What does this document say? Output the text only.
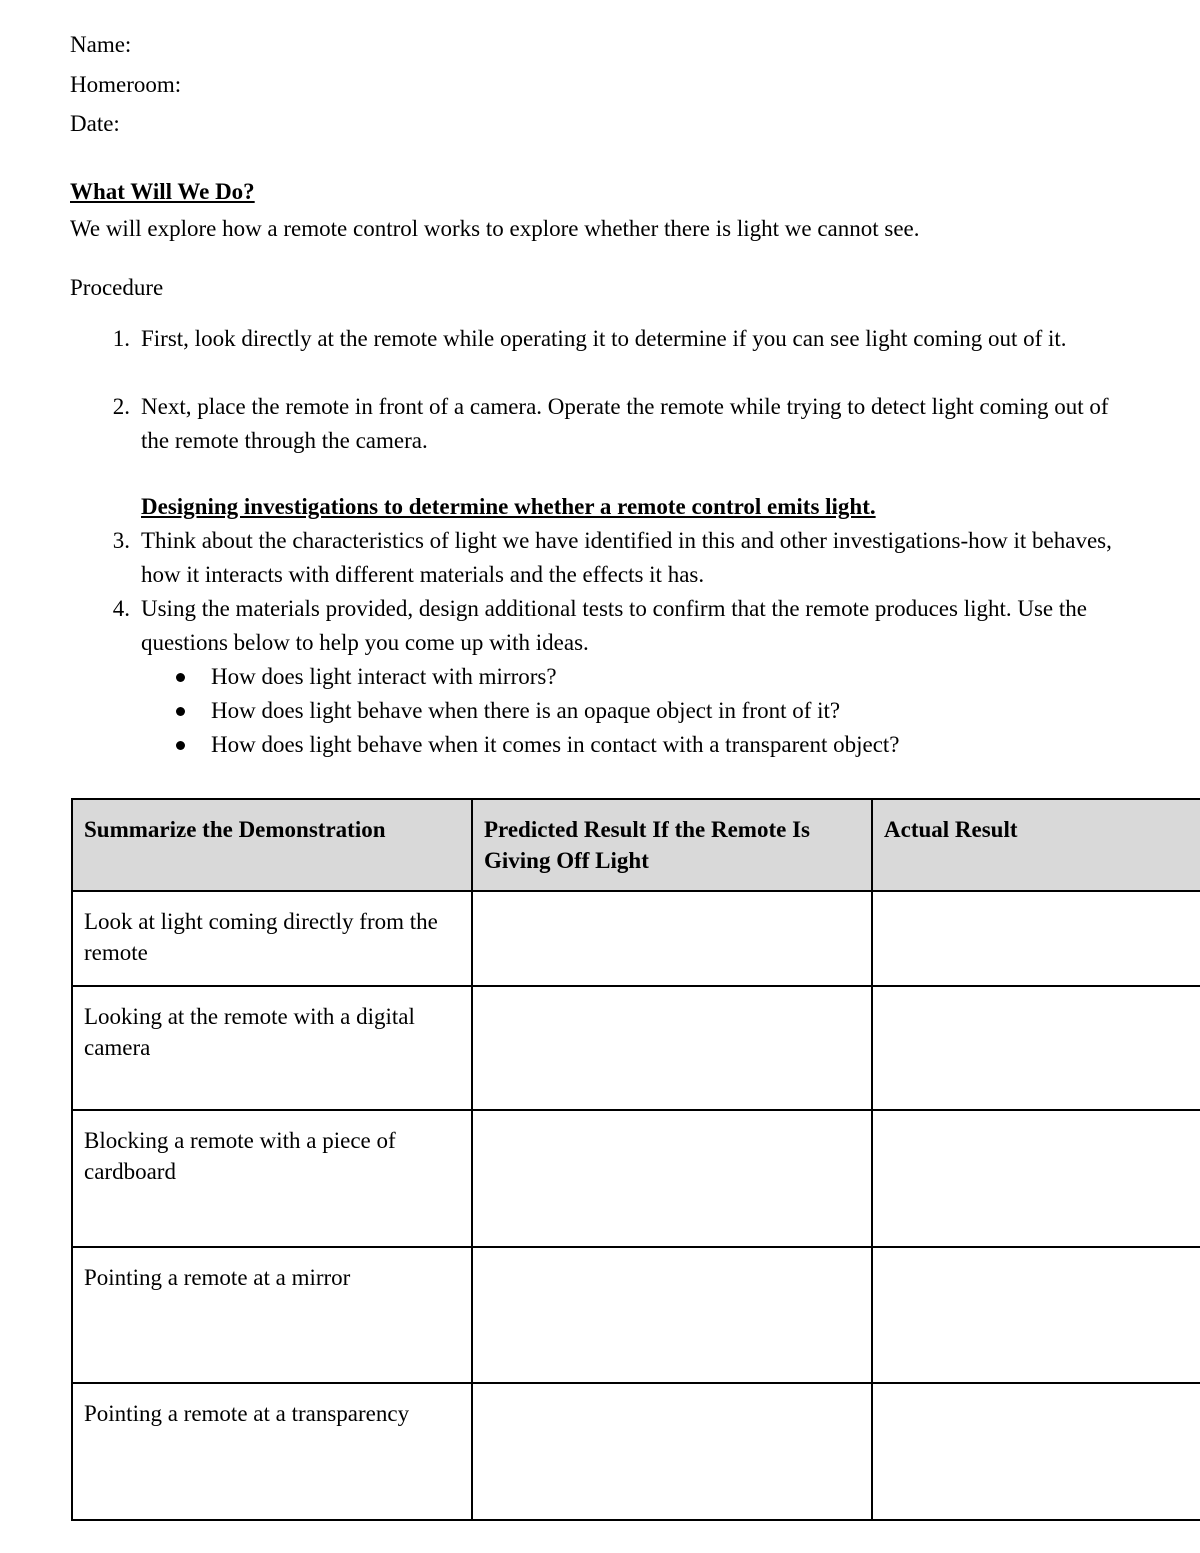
Name:
Homeroom:
Date:
What Will We Do?
We will explore how a remote control works to explore whether there is light we cannot see.
Procedure
1. First, look directly at the remote while operating it to determine if you can see light coming out of it.
2. Next, place the remote in front of a camera. Operate the remote while trying to detect light coming out of the remote through the camera.
Designing investigations to determine whether a remote control emits light.
3. Think about the characteristics of light we have identified in this and other investigations-how it behaves, how it interacts with different materials and the effects it has.
4. Using the materials provided, design additional tests to confirm that the remote produces light. Use the questions below to help you come up with ideas.
How does light interact with mirrors?
How does light behave when there is an opaque object in front of it?
How does light behave when it comes in contact with a transparent object?
Summarize the Demonstration	Predicted Result If the Remote Is Giving Off Light	Actual Result
Look at light coming directly from the remote		
Looking at the remote with a digital camera		
Blocking a remote with a piece of cardboard		
Pointing a remote at a mirror		
Pointing a remote at a transparency		
